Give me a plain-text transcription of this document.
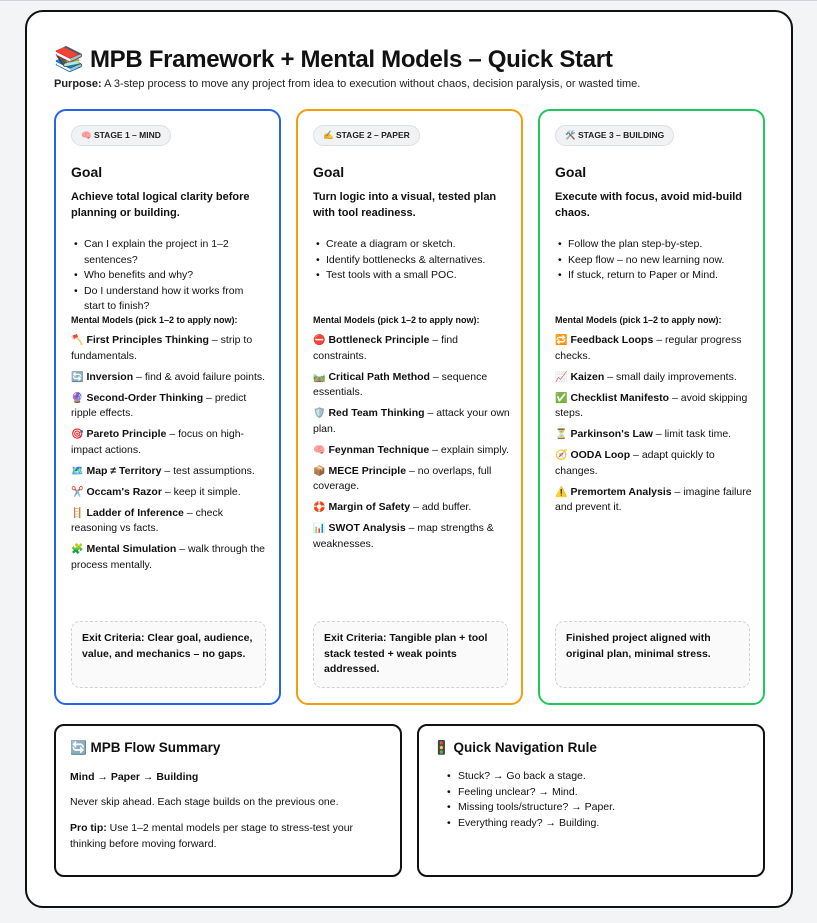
📚 MPB Framework + Mental Models – Quick Start
Purpose: A 3-step process to move any project from idea to execution without chaos, decision paralysis, or wasted time.
🧠 STAGE 1 – MIND
Goal
Achieve total logical clarity before planning or building.
• Can I explain the project in 1–2 sentences?
• Who benefits and why?
• Do I understand how it works from start to finish?
Mental Models (pick 1–2 to apply now):
🪓 First Principles Thinking – strip to fundamentals.
🔄 Inversion – find & avoid failure points.
🔮 Second-Order Thinking – predict ripple effects.
🎯 Pareto Principle – focus on high-impact actions.
🗺️ Map ≠ Territory – test assumptions.
✂️ Occam's Razor – keep it simple.
🪜 Ladder of Inference – check reasoning vs facts.
🧩 Mental Simulation – walk through the process mentally.
Exit Criteria: Clear goal, audience, value, and mechanics – no gaps.
✍️ STAGE 2 – PAPER
Goal
Turn logic into a visual, tested plan with tool readiness.
• Create a diagram or sketch.
• Identify bottlenecks & alternatives.
• Test tools with a small POC.
Mental Models (pick 1–2 to apply now):
⛔ Bottleneck Principle – find constraints.
🛤️ Critical Path Method – sequence essentials.
🛡️ Red Team Thinking – attack your own plan.
🧠 Feynman Technique – explain simply.
📦 MECE Principle – no overlaps, full coverage.
🛟 Margin of Safety – add buffer.
📊 SWOT Analysis – map strengths & weaknesses.
Exit Criteria: Tangible plan + tool stack tested + weak points addressed.
🛠️ STAGE 3 – BUILDING
Goal
Execute with focus, avoid mid-build chaos.
• Follow the plan step-by-step.
• Keep flow – no new learning now.
• If stuck, return to Paper or Mind.
Mental Models (pick 1–2 to apply now):
🔁 Feedback Loops – regular progress checks.
📈 Kaizen – small daily improvements.
✅ Checklist Manifesto – avoid skipping steps.
⏳ Parkinson's Law – limit task time.
🧭 OODA Loop – adapt quickly to changes.
⚠️ Premortem Analysis – imagine failure and prevent it.
Finished project aligned with original plan, minimal stress.
🔄 MPB Flow Summary
Mind → Paper → Building
Never skip ahead. Each stage builds on the previous one.
Pro tip: Use 1–2 mental models per stage to stress-test your thinking before moving forward.
🚦 Quick Navigation Rule
• Stuck? → Go back a stage.
• Feeling unclear? → Mind.
• Missing tools/structure? → Paper.
• Everything ready? → Building.
